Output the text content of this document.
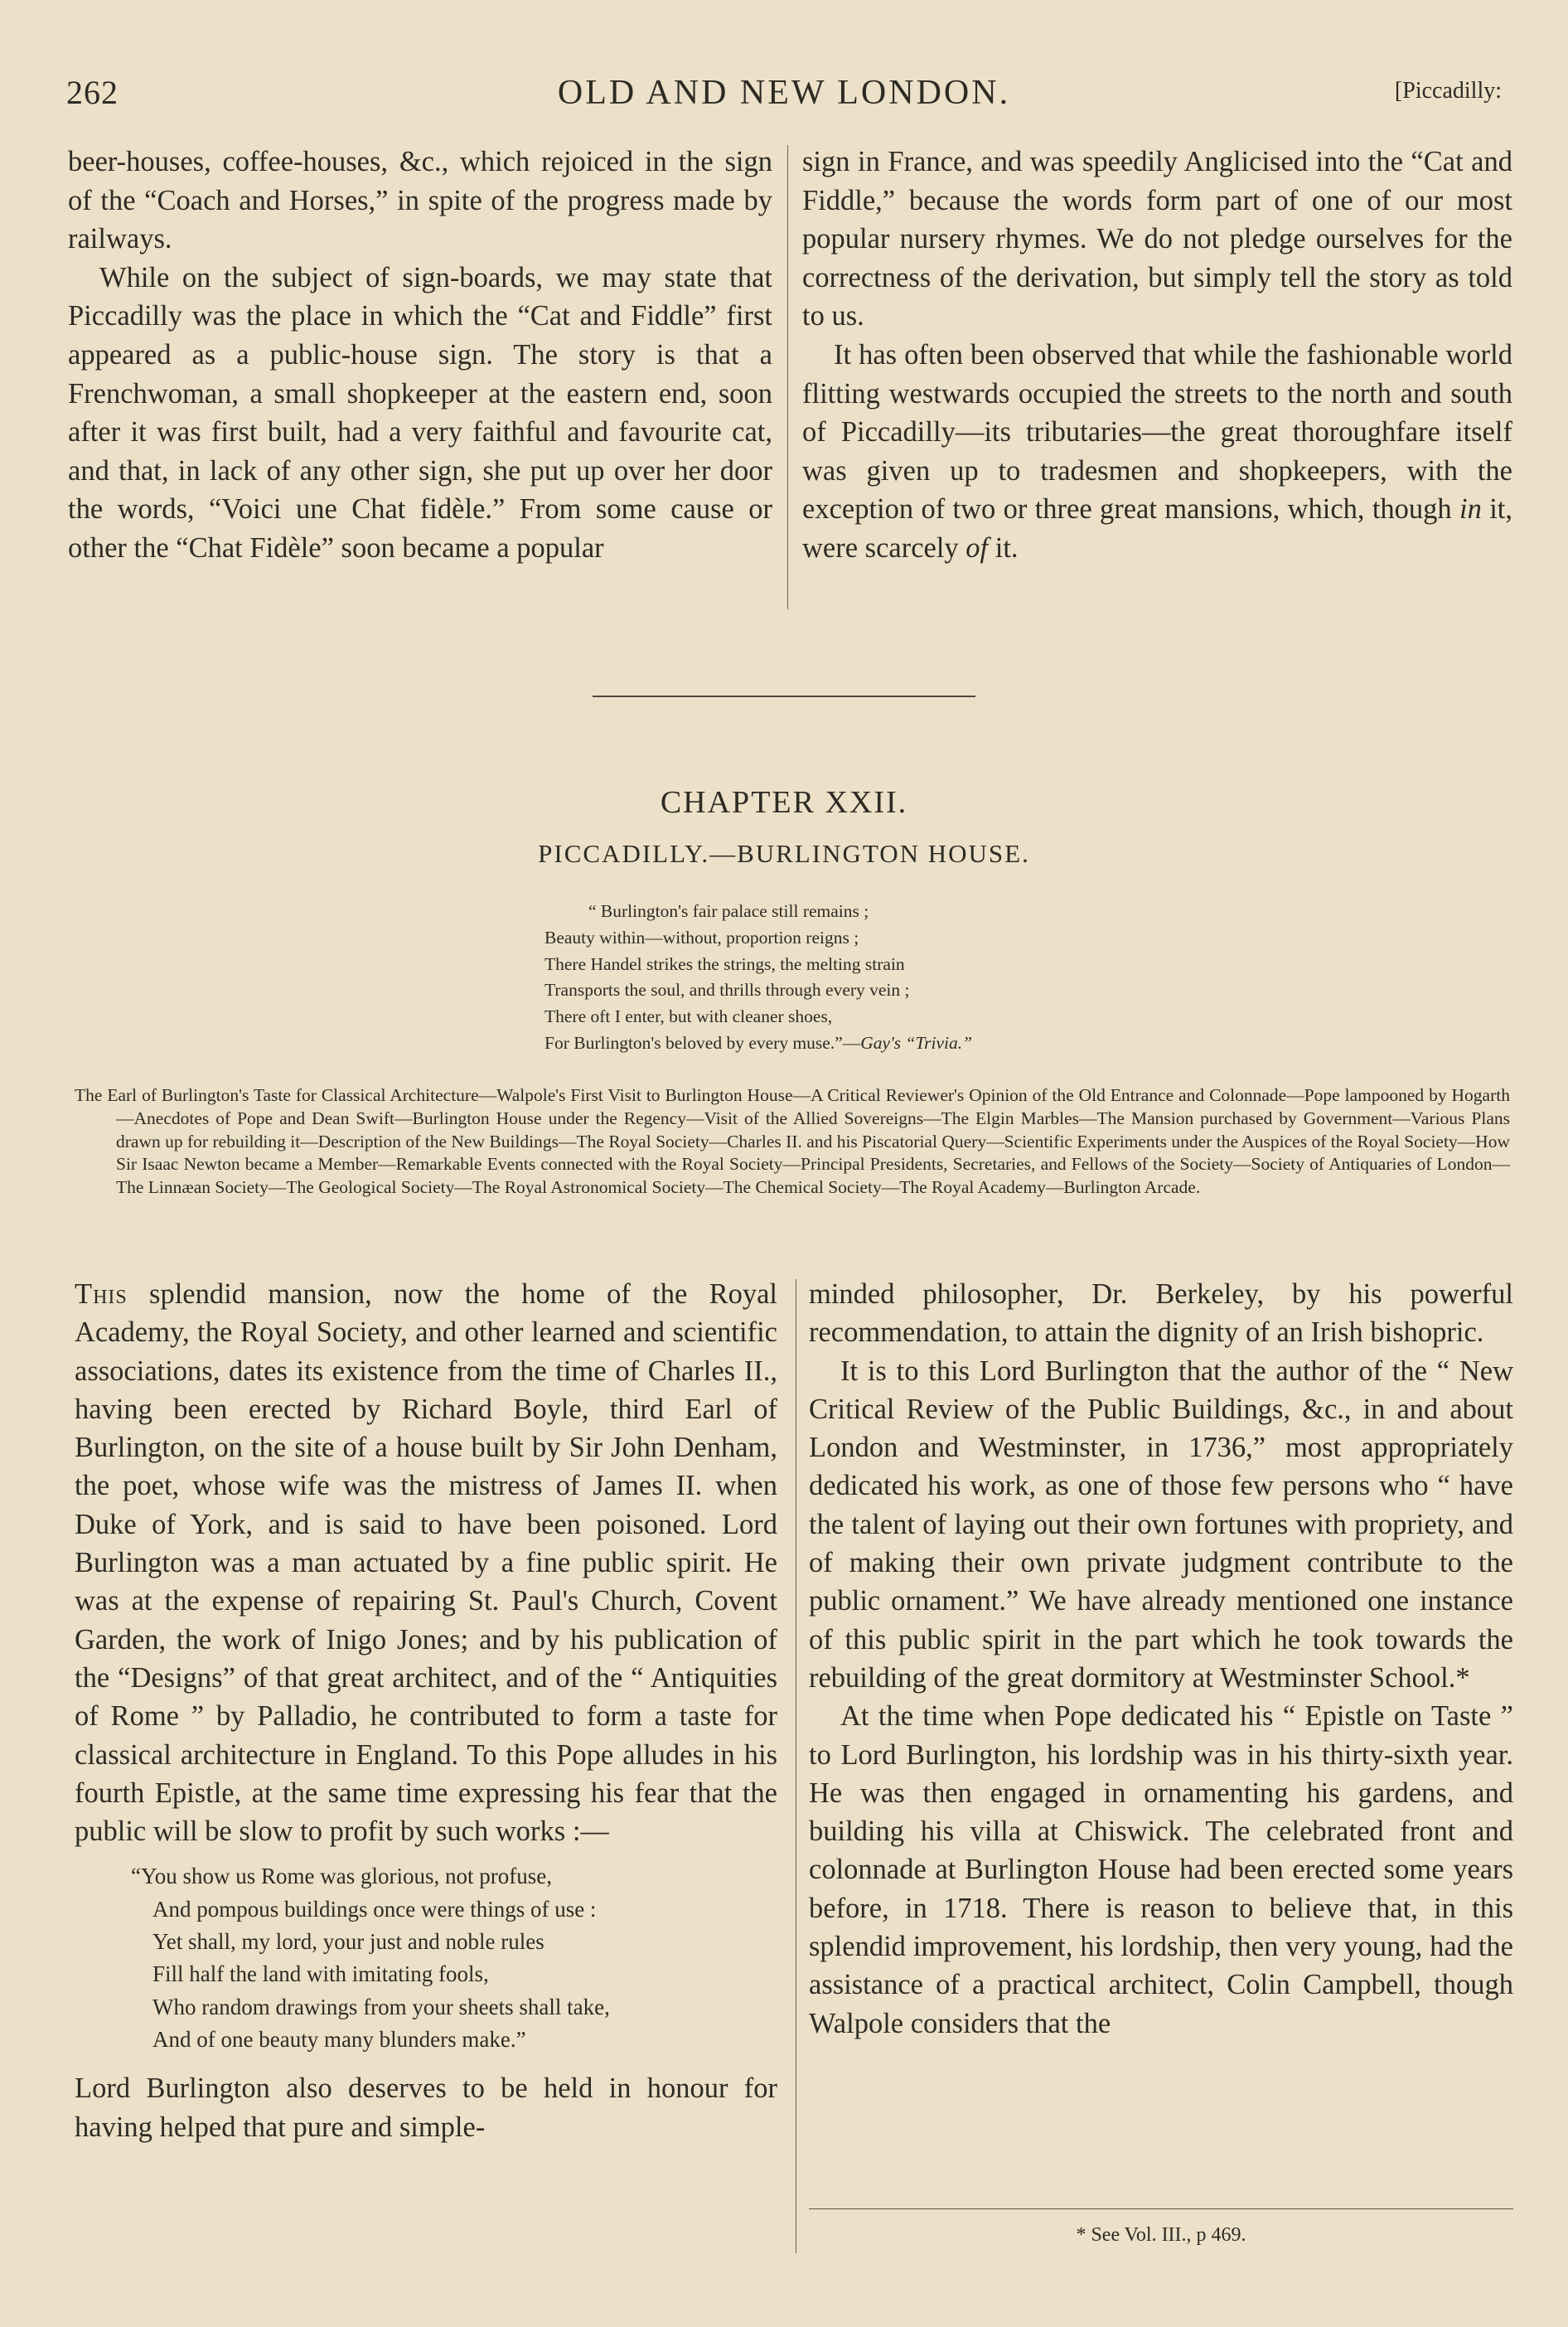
262	OLD AND NEW LONDON.	[Piccadilly:

beer-houses, coffee-houses, &c., which rejoiced in the sign of the “Coach and Horses,” in spite of the progress made by railways.

While on the subject of sign-boards, we may state that Piccadilly was the place in which the “Cat and Fiddle” first appeared as a public-house sign. The story is that a Frenchwoman, a small shopkeeper at the eastern end, soon after it was first built, had a very faithful and favourite cat, and that, in lack of any other sign, she put up over her door the words, “Voici une Chat fidèle.” From some cause or other the “Chat Fidèle” soon became a popular

sign in France, and was speedily Anglicised into the “Cat and Fiddle,” because the words form part of one of our most popular nursery rhymes. We do not pledge ourselves for the correctness of the derivation, but simply tell the story as told to us.

It has often been observed that while the fashionable world flitting westwards occupied the streets to the north and south of Piccadilly—its tributaries—the great thoroughfare itself was given up to tradesmen and shopkeepers, with the exception of two or three great mansions, which, though in it, were scarcely of it.

CHAPTER XXII.
PICCADILLY.—BURLINGTON HOUSE.
“ Burlington's fair palace still remains ;
Beauty within—without, proportion reigns ;
There Handel strikes the strings, the melting strain
Transports the soul, and thrills through every vein ;
There oft I enter, but with cleaner shoes,
For Burlington's beloved by every muse.”—Gay's “Trivia.”
The Earl of Burlington's Taste for Classical Architecture—Walpole's First Visit to Burlington House—A Critical Reviewer's Opinion of the Old Entrance and Colonnade—Pope lampooned by Hogarth—Anecdotes of Pope and Dean Swift—Burlington House under the Regency—Visit of the Allied Sovereigns—The Elgin Marbles—The Mansion purchased by Government—Various Plans drawn up for rebuilding it—Description of the New Buildings—The Royal Society—Charles II. and his Piscatorial Query—Scientific Experiments under the Auspices of the Royal Society—How Sir Isaac Newton became a Member—Remarkable Events connected with the Royal Society—Principal Presidents, Secretaries, and Fellows of the Society—Society of Antiquaries of London—The Linnæan Society—The Geological Society—The Royal Astronomical Society—The Chemical Society—The Royal Academy—Burlington Arcade.

This splendid mansion, now the home of the Royal Academy, the Royal Society, and other learned and scientific associations, dates its existence from the time of Charles II., having been erected by Richard Boyle, third Earl of Burlington, on the site of a house built by Sir John Denham, the poet, whose wife was the mistress of James II. when Duke of York, and is said to have been poisoned. Lord Burlington was a man actuated by a fine public spirit. He was at the expense of repairing St. Paul's Church, Covent Garden, the work of Inigo Jones; and by his publication of the “Designs” of that great architect, and of the “ Antiquities of Rome ” by Palladio, he contributed to form a taste for classical architecture in England. To this Pope alludes in his fourth Epistle, at the same time expressing his fear that the public will be slow to profit by such works :—

“You show us Rome was glorious, not profuse,
And pompous buildings once were things of use :
Yet shall, my lord, your just and noble rules
Fill half the land with imitating fools,
Who random drawings from your sheets shall take,
And of one beauty many blunders make.”

Lord Burlington also deserves to be held in honour for having helped that pure and simple-

minded philosopher, Dr. Berkeley, by his powerful recommendation, to attain the dignity of an Irish bishopric.

It is to this Lord Burlington that the author of the “ New Critical Review of the Public Buildings, &c., in and about London and Westminster, in 1736,” most appropriately dedicated his work, as one of those few persons who “ have the talent of laying out their own fortunes with propriety, and of making their own private judgment contribute to the public ornament.” We have already mentioned one instance of this public spirit in the part which he took towards the rebuilding of the great dormitory at Westminster School.*

At the time when Pope dedicated his “ Epistle on Taste ” to Lord Burlington, his lordship was in his thirty-sixth year. He was then engaged in ornamenting his gardens, and building his villa at Chiswick. The celebrated front and colonnade at Burlington House had been erected some years before, in 1718. There is reason to believe that, in this splendid improvement, his lordship, then very young, had the assistance of a practical architect, Colin Campbell, though Walpole considers that the

* See Vol. III., p 469.
